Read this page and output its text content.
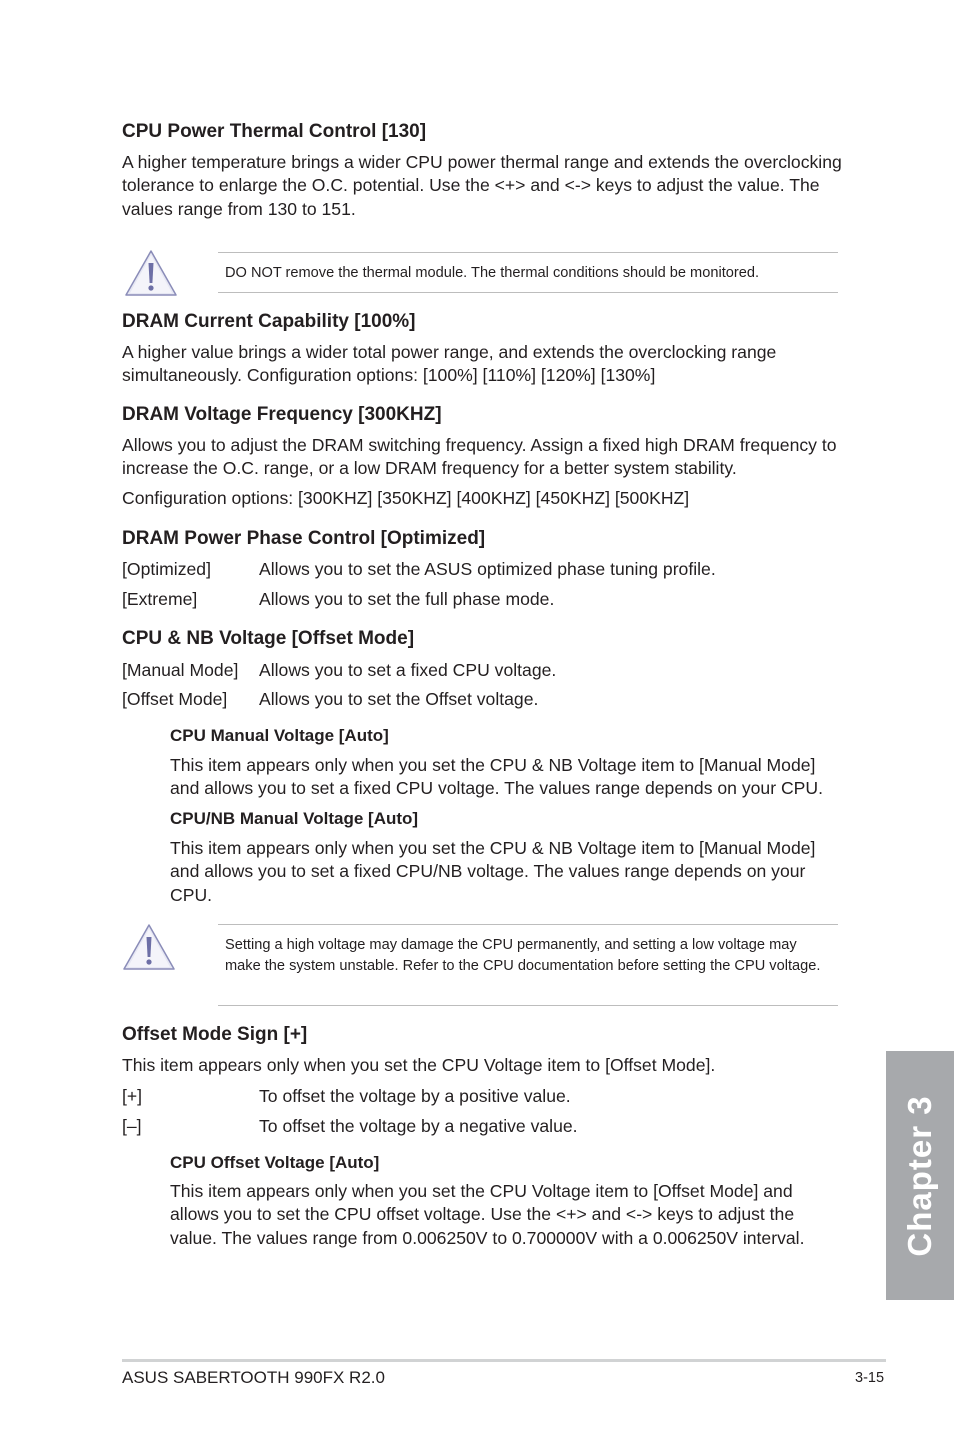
CPU Power Thermal Control [130]
A higher temperature brings a wider CPU power thermal range and extends the overclocking tolerance to enlarge the O.C. potential. Use the <+> and <-> keys to adjust the value. The values range from 130 to 151.
DO NOT remove the thermal module. The thermal conditions should be monitored.
DRAM Current Capability [100%]
A higher value brings a wider total power range, and extends the overclocking range simultaneously. Configuration options: [100%] [110%] [120%] [130%]
DRAM Voltage Frequency [300KHZ]
Allows you to adjust the DRAM switching frequency. Assign a fixed high DRAM frequency to increase the O.C. range, or a low DRAM frequency for a better system stability.
Configuration options: [300KHZ] [350KHZ] [400KHZ] [450KHZ] [500KHZ]
DRAM Power Phase Control [Optimized]
[Optimized]	Allows you to set the ASUS optimized phase tuning profile.
[Extreme]	Allows you to set the full phase mode.
CPU & NB Voltage [Offset Mode]
[Manual Mode] Allows you to set a fixed CPU voltage.
[Offset Mode] Allows you to set the Offset voltage.
CPU Manual Voltage [Auto]
This item appears only when you set the CPU & NB Voltage item to [Manual Mode] and allows you to set a fixed CPU voltage. The values range depends on your CPU.
CPU/NB Manual Voltage [Auto]
This item appears only when you set the CPU & NB Voltage item to [Manual Mode] and allows you to set a fixed CPU/NB voltage. The values range depends on your CPU.
Setting a high voltage may damage the CPU permanently, and setting a low voltage may make the system unstable. Refer to the CPU documentation before setting the CPU voltage.
Offset Mode Sign [+]
This item appears only when you set the CPU Voltage item to [Offset Mode].
[+]	To offset the voltage by a positive value.
[–]	To offset the voltage by a negative value.
CPU Offset Voltage [Auto]
This item appears only when you set the CPU Voltage item to [Offset Mode] and allows you to set the CPU offset voltage. Use the <+> and <-> keys to adjust the value. The values range from 0.006250V to 0.700000V with a 0.006250V interval.	Chapter 3
ASUS SABERTOOTH 990FX R2.0	3-15
